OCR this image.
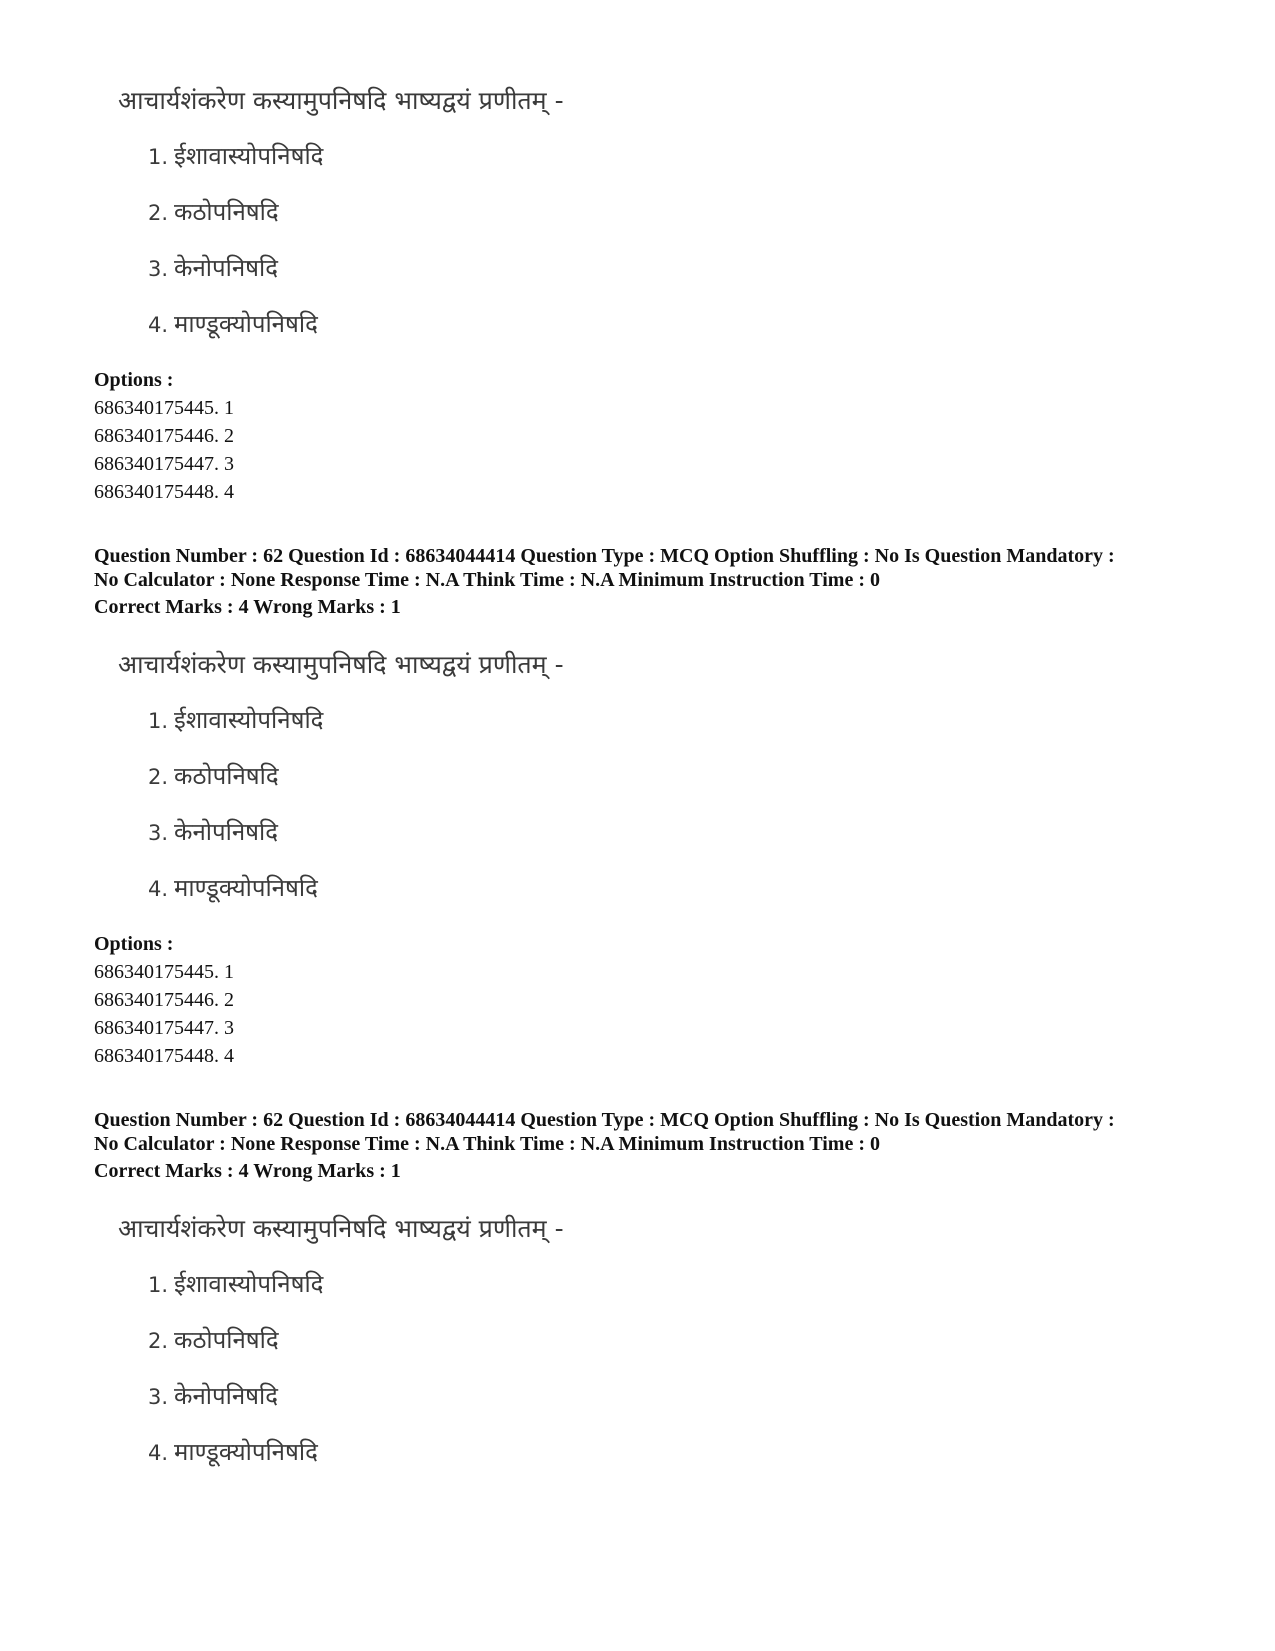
आचार्यशंकरेण कस्यामुपनिषदि भाष्यद्वयं प्रणीतम् -
1. ईशावास्योपनिषदि
2. कठोपनिषदि
3. केनोपनिषदि
4. माण्डूक्योपनिषदि
Options :
686340175445. 1
686340175446. 2
686340175447. 3
686340175448. 4
Question Number : 62 Question Id : 68634044414 Question Type : MCQ Option Shuffling : No Is Question Mandatory :
No Calculator : None Response Time : N.A Think Time : N.A Minimum Instruction Time : 0
Correct Marks : 4 Wrong Marks : 1
आचार्यशंकरेण कस्यामुपनिषदि भाष्यद्वयं प्रणीतम् -
1. ईशावास्योपनिषदि
2. कठोपनिषदि
3. केनोपनिषदि
4. माण्डूक्योपनिषदि
Options :
686340175445. 1
686340175446. 2
686340175447. 3
686340175448. 4
Question Number : 62 Question Id : 68634044414 Question Type : MCQ Option Shuffling : No Is Question Mandatory :
No Calculator : None Response Time : N.A Think Time : N.A Minimum Instruction Time : 0
Correct Marks : 4 Wrong Marks : 1
आचार्यशंकरेण कस्यामुपनिषदि भाष्यद्वयं प्रणीतम् -
1. ईशावास्योपनिषदि
2. कठोपनिषदि
3. केनोपनिषदि
4. माण्डूक्योपनिषदि
